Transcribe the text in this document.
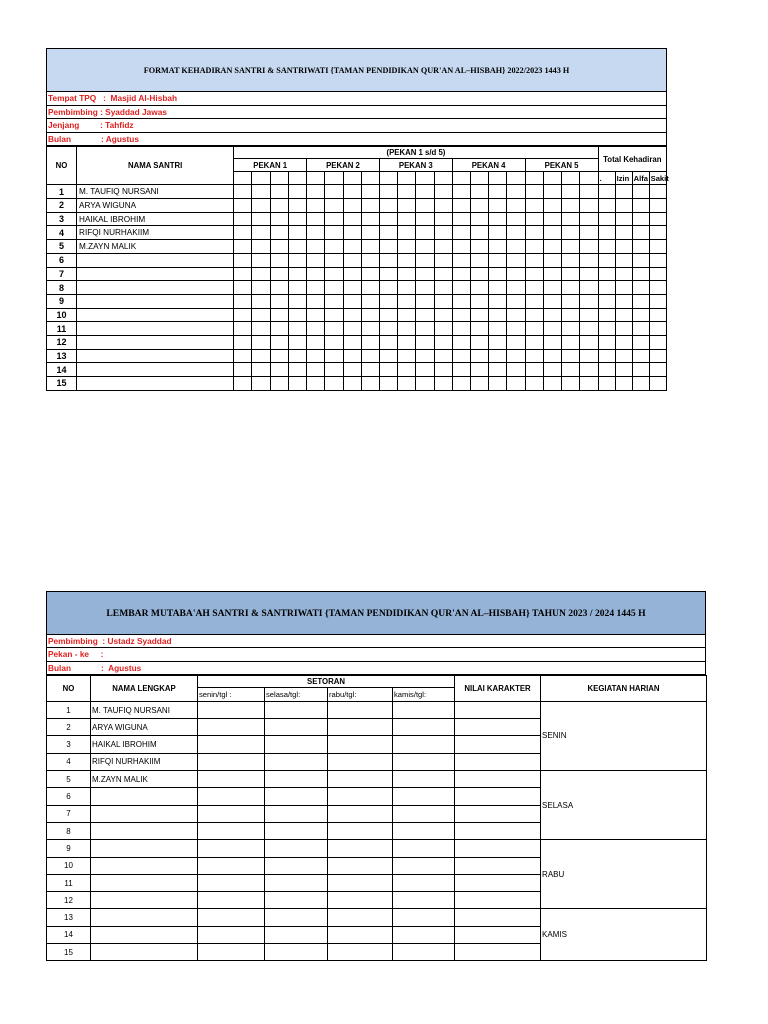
FORMAT KEHADIRAN SANTRI & SANTRIWATI {TAMAN PENDIDIKAN QUR'AN AL–HISBAH} 2022/2023 1443 H
Tempat TPQ   :  Masjid Al-Hisbah
Pembimbing : Syaddad Jawas
Jenjang         : Tahfidz
Bulan             : Agustus
NO	NAMA SANTRI	(PEKAN 1 s/d 5)																				Total Kehadiran			
		PEKAN 1				PEKAN 2				PEKAN 3				PEKAN 4				PEKAN 5							
																						.	Izin	Alfa	Sakit
1	M. TAUFIQ NURSANI																								
2	ARYA WIGUNA																								
3	HAIKAL IBROHIM																								
4	RIFQI NURHAKIIM																								
5	M.ZAYN MALIK																								
6																									
7																									
8																									
9																									
10																									
11																									
12																									
13																									
14																									
15																									
LEMBAR MUTABA'AH SANTRI & SANTRIWATI {TAMAN PENDIDIKAN QUR'AN AL–HISBAH} TAHUN 2023 / 2024 1445 H
Pembimbing  : Ustadz Syaddad
Pekan - ke     :
Bulan             :  Agustus
NO	NAMA LENGKAP	SETORAN				NILAI KARAKTER	KEGIATAN HARIAN
		senin/tgl :	selasa/tgl:	rabu/tgl:	kamis/tgl:		
1	M. TAUFIQ NURSANI						SENIN
2	ARYA WIGUNA						
3	HAIKAL IBROHIM						
4	RIFQI NURHAKIIM						
5	M.ZAYN MALIK						SELASA
6							
7							
8							
9							RABU
10							
11							
12							
13							KAMIS
14							
15							
